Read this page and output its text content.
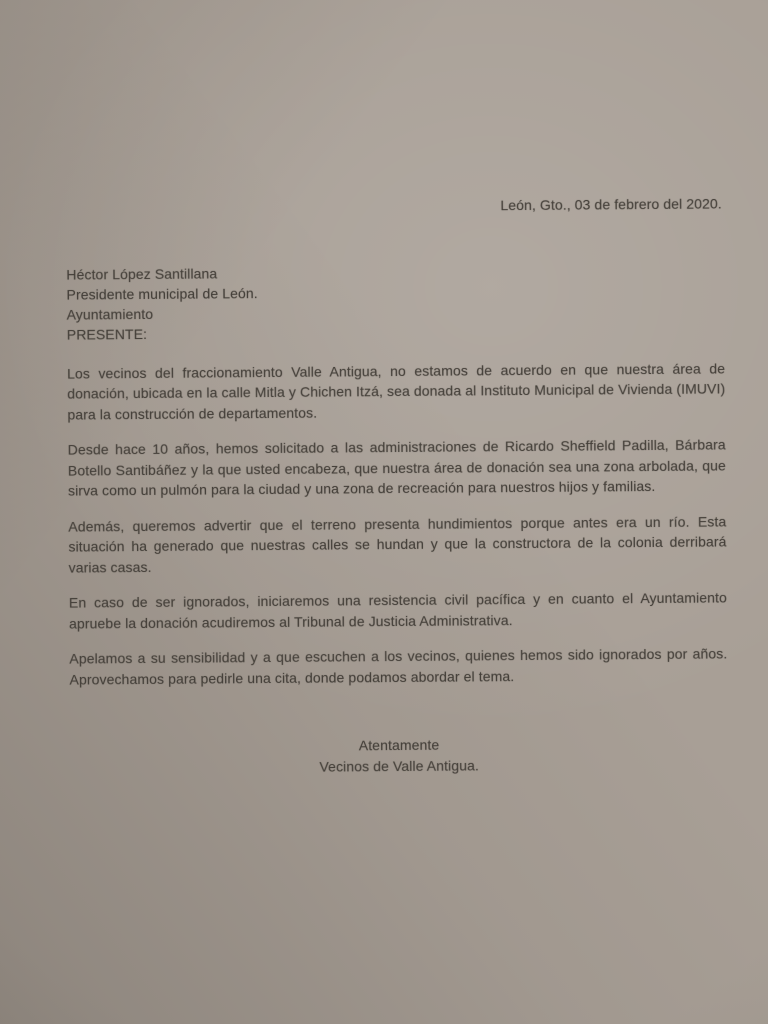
León, Gto., 03 de febrero del 2020.
Héctor López Santillana
Presidente municipal de León.
Ayuntamiento
PRESENTE:

Los vecinos del fraccionamiento Valle Antigua, no estamos de acuerdo en que nuestra área de donación, ubicada en la calle Mitla y Chichen Itzá, sea donada al Instituto Municipal de Vivienda (IMUVI) para la construcción de departamentos.

Desde hace 10 años, hemos solicitado a las administraciones de Ricardo Sheffield Padilla, Bárbara Botello Santibáñez y la que usted encabeza, que nuestra área de donación sea una zona arbolada, que sirva como un pulmón para la ciudad y una zona de recreación para nuestros hijos y familias.

Además, queremos advertir que el terreno presenta hundimientos porque antes era un río. Esta situación ha generado que nuestras calles se hundan y que la constructora de la colonia derribará varias casas.

En caso de ser ignorados, iniciaremos una resistencia civil pacífica y en cuanto el Ayuntamiento apruebe la donación acudiremos al Tribunal de Justicia Administrativa.

Apelamos a su sensibilidad y a que escuchen a los vecinos, quienes hemos sido ignorados por años. Aprovechamos para pedirle una cita, donde podamos abordar el tema.

Atentamente
Vecinos de Valle Antigua.
